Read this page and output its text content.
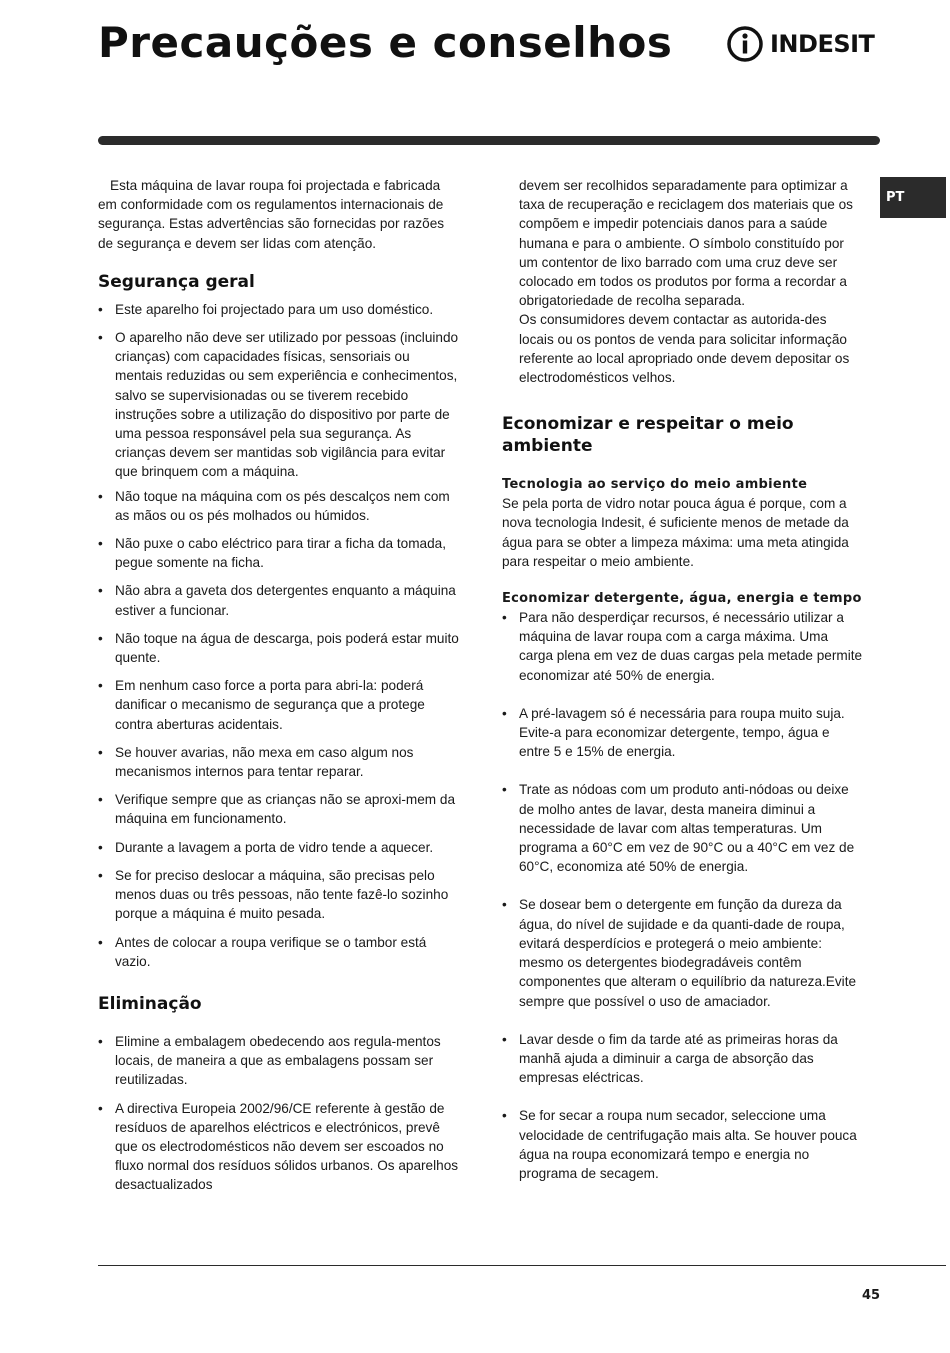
Precauções e conselhos	INDESIT
PT

Esta máquina de lavar roupa foi projectada e fabricada em conformidade com os regulamentos internacionais de segurança. Estas advertências são fornecidas por razões de segurança e devem ser lidas com atenção.

Segurança geral
• Este aparelho foi projectado para um uso doméstico.
• O aparelho não deve ser utilizado por pessoas (incluindo crianças) com capacidades físicas, sensoriais ou mentais reduzidas ou sem experiência e conhecimentos, salvo se supervisionadas ou se tiverem recebido instruções sobre a utilização do dispositivo por parte de uma pessoa responsável pela sua segurança. As crianças devem ser mantidas sob vigilância para evitar que brinquem com a máquina.
• Não toque na máquina com os pés descalços nem com as mãos ou os pés molhados ou húmidos.
• Não puxe o cabo eléctrico para tirar a ficha da tomada, pegue somente na ficha.
• Não abra a gaveta dos detergentes enquanto a máquina estiver a funcionar.
• Não toque na água de descarga, pois poderá estar muito quente.
• Em nenhum caso force a porta para abri-la: poderá danificar o mecanismo de segurança que a protege contra aberturas acidentais.
• Se houver avarias, não mexa em caso algum nos mecanismos internos para tentar reparar.
• Verifique sempre que as crianças não se aproxi-mem da máquina em funcionamento.
• Durante a lavagem a porta de vidro tende a aquecer.
• Se for preciso deslocar a máquina, são precisas pelo menos duas ou três pessoas, não tente fazê-lo sozinho porque a máquina é muito pesada.
• Antes de colocar a roupa verifique se o tambor está vazio.
Eliminação
• Elimine a embalagem obedecendo aos regula-mentos locais, de maneira a que as embalagens possam ser reutilizadas.
• A directiva Europeia 2002/96/CE referente à gestão de resíduos de aparelhos eléctricos e electrónicos, prevê que os electrodomésticos não devem ser escoados no fluxo normal dos resíduos sólidos urbanos. Os aparelhos desactualizados

devem ser recolhidos separadamente para optimizar a taxa de recuperação e reciclagem dos materiais que os compõem e impedir potenciais danos para a saúde humana e para o ambiente. O símbolo constituído por um contentor de lixo barrado com uma cruz deve ser colocado em todos os produtos por forma a recordar a obrigatoriedade de recolha separada.

Os consumidores devem contactar as autorida-des locais ou os pontos de venda para solicitar informação referente ao local apropriado onde devem depositar os electrodomésticos velhos.

Economizar e respeitar o meio ambiente
Tecnologia ao serviço do meio ambiente

Se pela porta de vidro notar pouca água é porque, com a nova tecnologia Indesit, é suficiente menos de metade da água para se obter a limpeza máxima: uma meta atingida para respeitar o meio ambiente.

Economizar detergente, água, energia e tempo
• Para não desperdiçar recursos, é necessário utilizar a máquina de lavar roupa com a carga máxima. Uma carga plena em vez de duas cargas pela metade permite economizar até 50% de energia.
• A pré-lavagem só é necessária para roupa muito suja. Evite-a para economizar detergente, tempo, água e entre 5 e 15% de energia.
• Trate as nódoas com um produto anti-nódoas ou deixe de molho antes de lavar, desta maneira diminui a necessidade de lavar com altas temperaturas. Um programa a 60°C em vez de 90°C ou a 40°C em vez de 60°C, economiza até 50% de energia.
• Se dosear bem o detergente em função da dureza da água, do nível de sujidade e da quanti-dade de roupa, evitará desperdícios e protegerá o meio ambiente: mesmo os detergentes biodegradáveis contêm componentes que alteram o equilíbrio da natureza.Evite sempre que possível o uso de amaciador.
• Lavar desde o fim da tarde até as primeiras horas da manhã ajuda a diminuir a carga de absorção das empresas eléctricas.
• Se for secar a roupa num secador, seleccione uma velocidade de centrifugação mais alta. Se houver pouca água na roupa economizará tempo e energia no programa de secagem.
45
